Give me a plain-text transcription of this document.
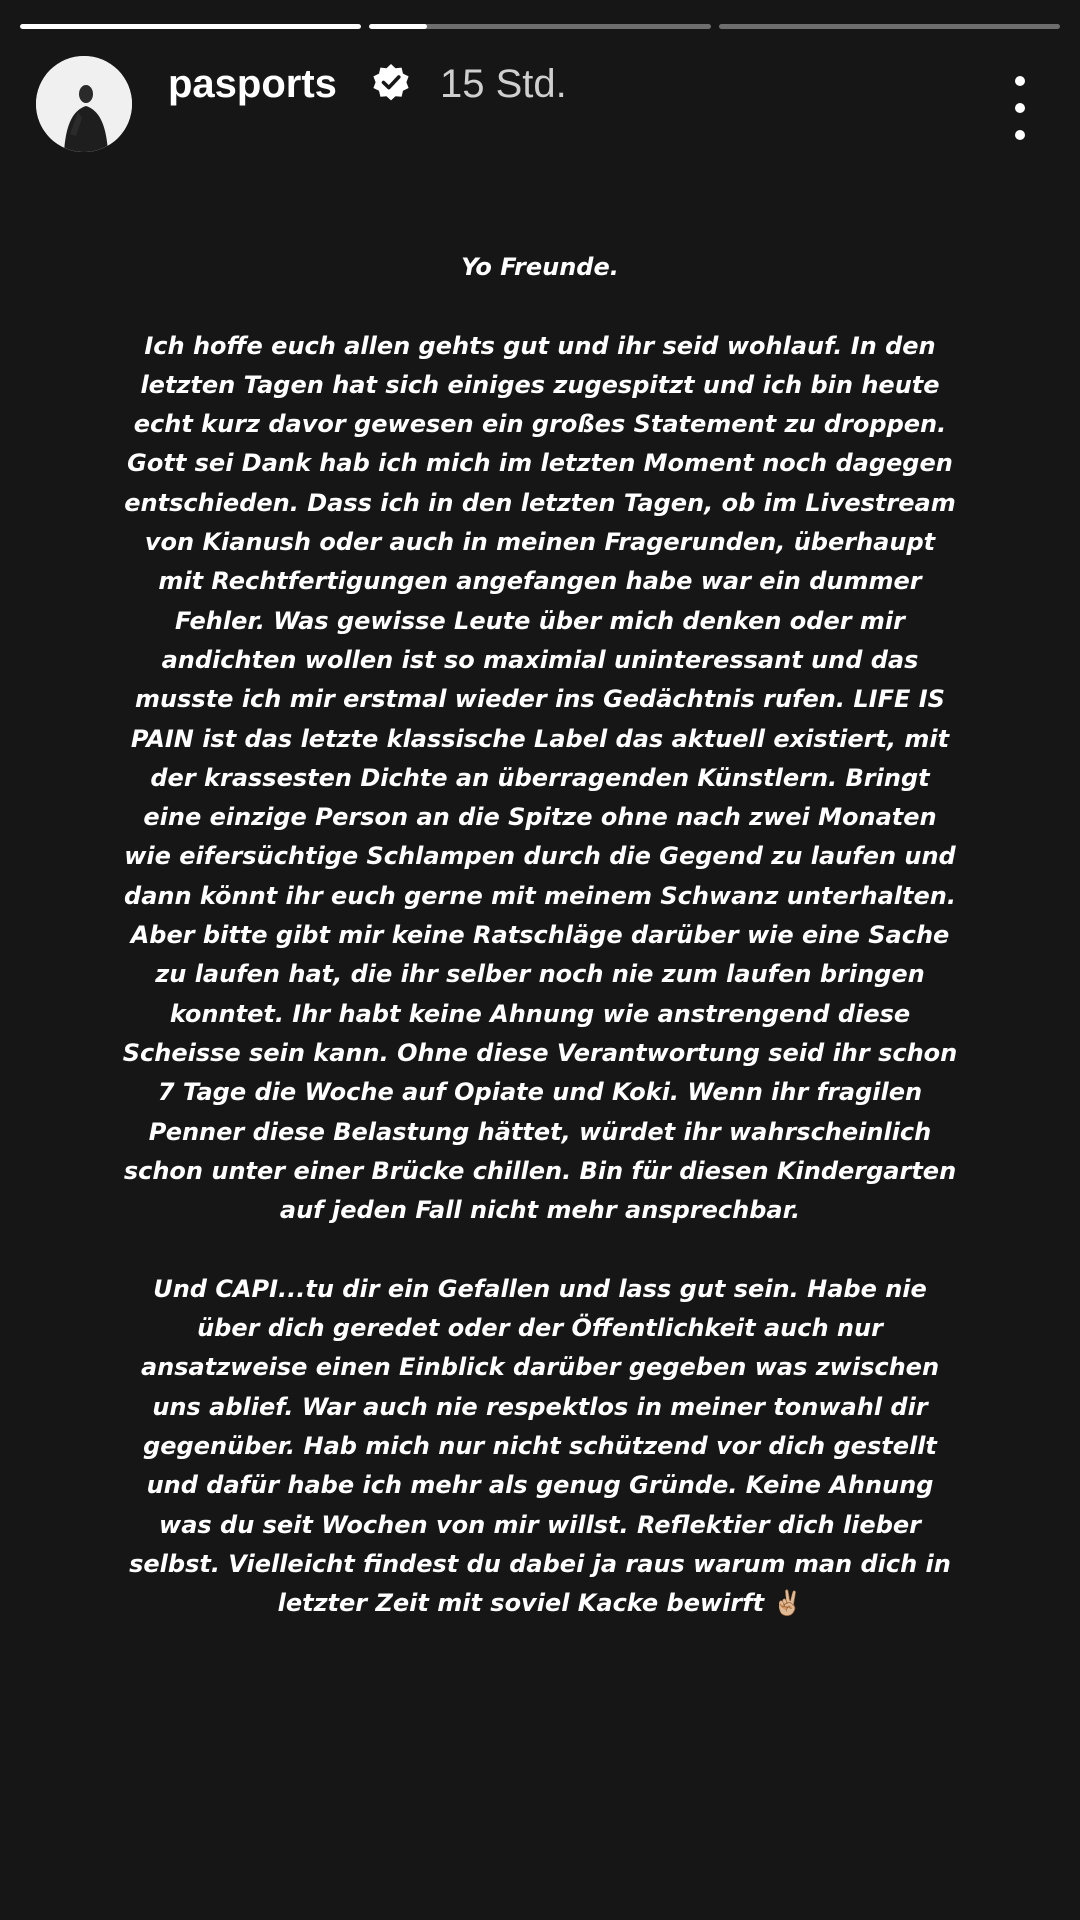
pasports	15 Std.

Yo Freunde.

Ich hoffe euch allen gehts gut und ihr seid wohlauf. In den letzten Tagen hat sich einiges zugespitzt und ich bin heute echt kurz davor gewesen ein großes Statement zu droppen. Gott sei Dank hab ich mich im letzten Moment noch dagegen entschieden. Dass ich in den letzten Tagen, ob im Livestream von Kianush oder auch in meinen Fragerunden, überhaupt mit Rechtfertigungen angefangen habe war ein dummer Fehler. Was gewisse Leute über mich denken oder mir andichten wollen ist so maximial uninteressant und das musste ich mir erstmal wieder ins Gedächtnis rufen. LIFE IS PAIN ist das letzte klassische Label das aktuell existiert, mit der krassesten Dichte an überragenden Künstlern. Bringt eine einzige Person an die Spitze ohne nach zwei Monaten wie eifersüchtige Schlampen durch die Gegend zu laufen und dann könnt ihr euch gerne mit meinem Schwanz unterhalten. Aber bitte gibt mir keine Ratschläge darüber wie eine Sache zu laufen hat, die ihr selber noch nie zum laufen bringen konntet. Ihr habt keine Ahnung wie anstrengend diese Scheisse sein kann. Ohne diese Verantwortung seid ihr schon 7 Tage die Woche auf Opiate und Koki. Wenn ihr fragilen Penner diese Belastung hättet, würdet ihr wahrscheinlich schon unter einer Brücke chillen. Bin für diesen Kindergarten auf jeden Fall nicht mehr ansprechbar.

Und CAPI...tu dir ein Gefallen und lass gut sein. Habe nie über dich geredet oder der Öffentlichkeit auch nur ansatzweise einen Einblick darüber gegeben was zwischen uns ablief. War auch nie respektlos in meiner tonwahl dir gegenüber. Hab mich nur nicht schützend vor dich gestellt und dafür habe ich mehr als genug Gründe. Keine Ahnung was du seit Wochen von mir willst. Reflektier dich lieber selbst. Vielleicht findest du dabei ja raus warum man dich in letzter Zeit mit soviel Kacke bewirft ✌🏼
